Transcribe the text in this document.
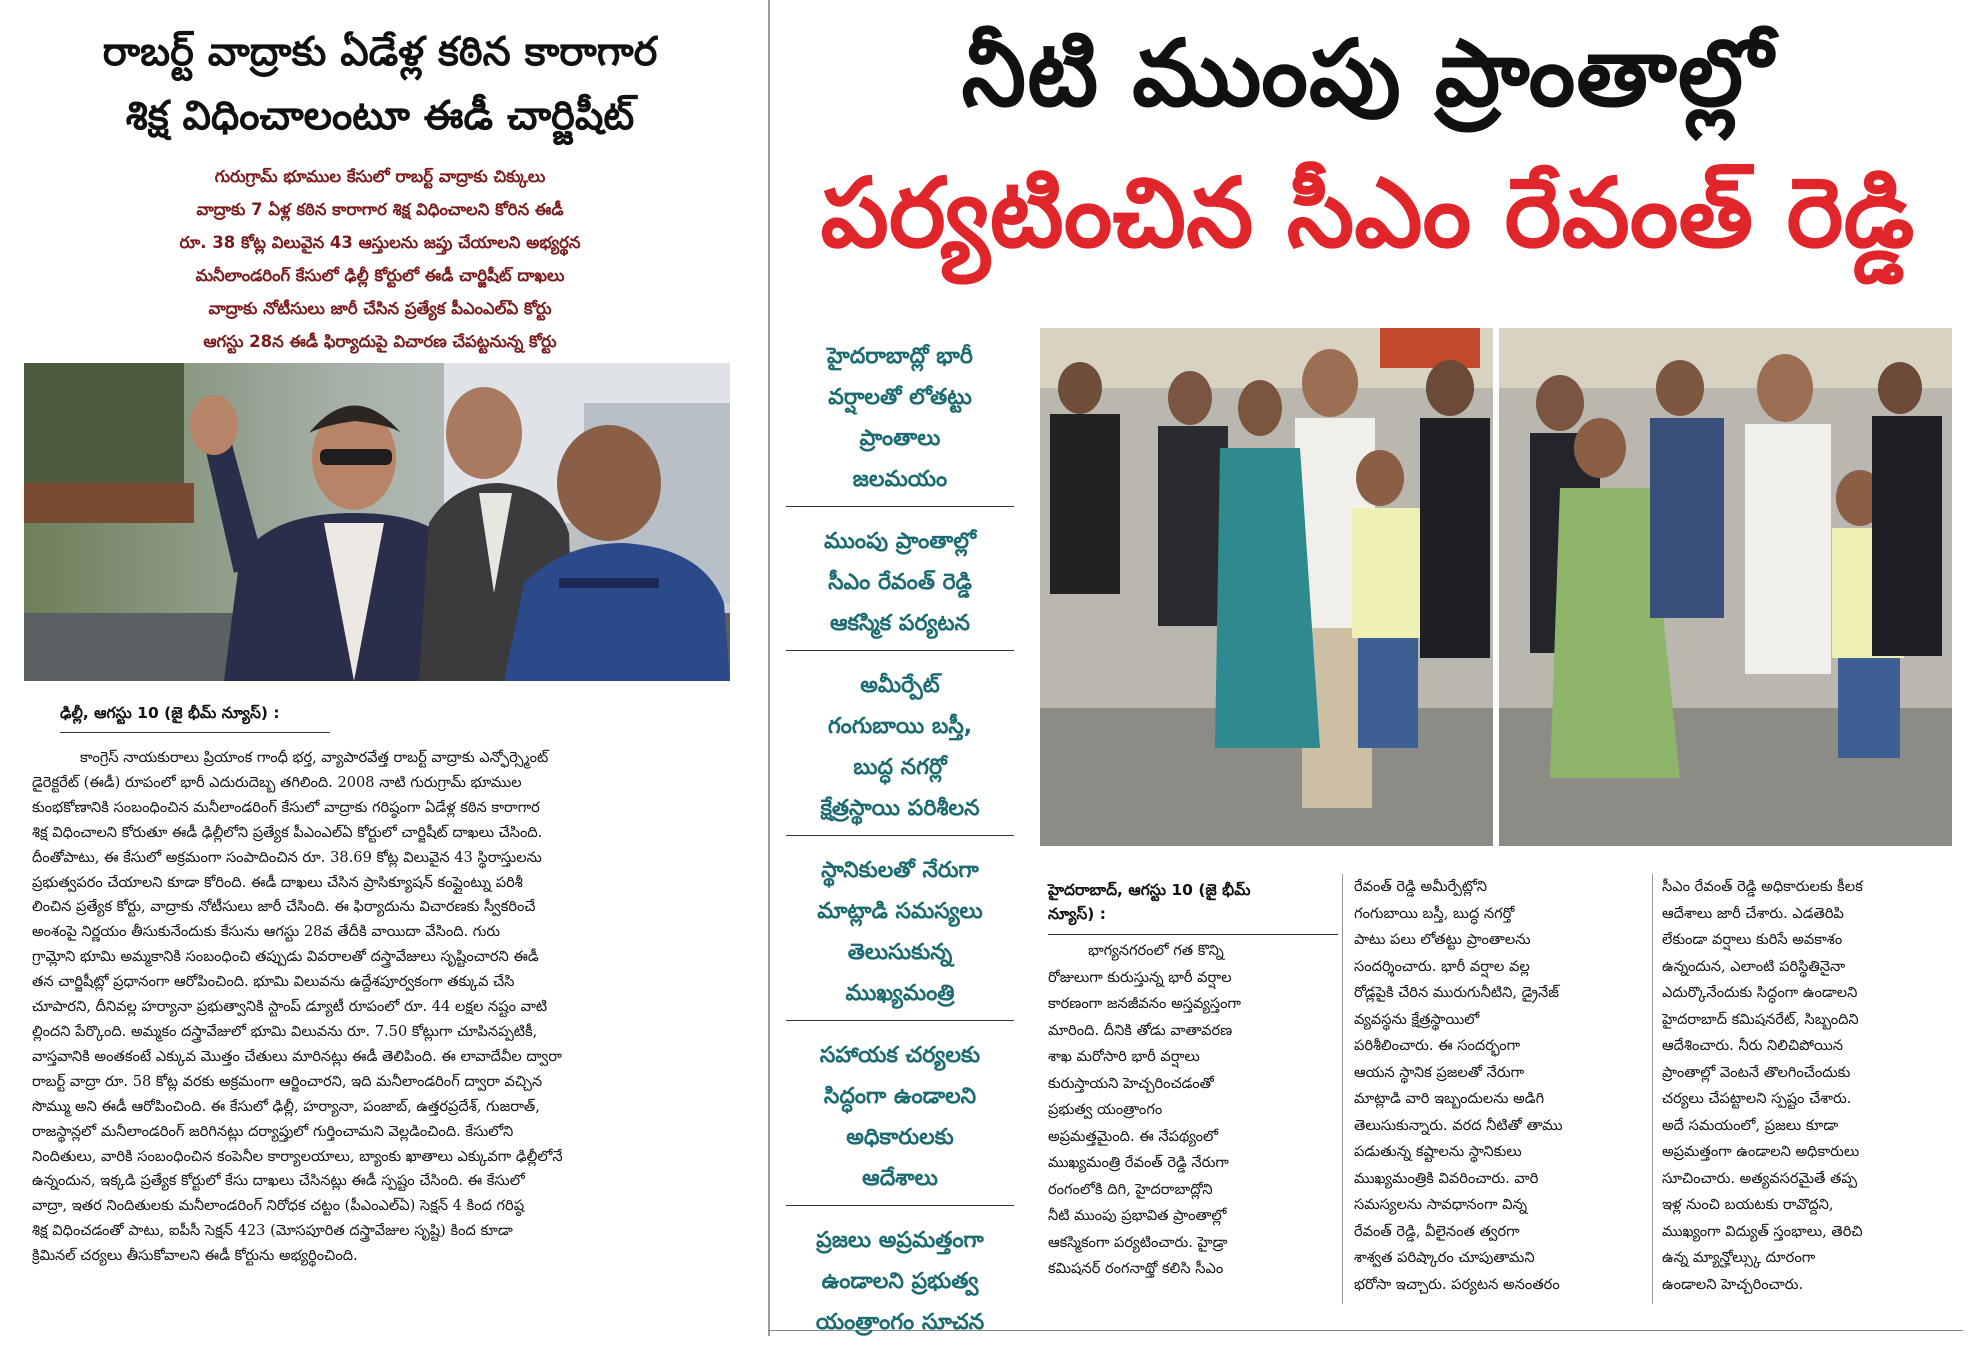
రాబర్ట్ వాద్రాకు ఏడేళ్ల కఠిన కారాగార
శిక్ష విధించాలంటూ ఈడీ చార్జిషీట్
గురుగ్రామ్ భూముల కేసులో రాబర్ట్ వాద్రాకు చిక్కులు
వాద్రాకు 7 ఏళ్ల కఠిన కారాగార శిక్ష విధించాలని కోరిన ఈడీ
రూ. 38 కోట్ల విలువైన 43 ఆస్తులను జప్తు చేయాలని అభ్యర్థన
మనీలాండరింగ్ కేసులో ఢిల్లీ కోర్టులో ఈడీ చార్జిషీట్ దాఖలు
వాద్రాకు నోటీసులు జారీ చేసిన ప్రత్యేక పీఎంఎల్ఏ కోర్టు
ఆగస్టు 28న ఈడీ ఫిర్యాదుపై విచారణ చేపట్టనున్న కోర్టు
ఢిల్లీ, ఆగస్టు 10 (జై భీమ్ న్యూస్) :
కాంగ్రెస్ నాయకురాలు ప్రియాంక గాంధీ భర్త, వ్యాపారవేత్త రాబర్ట్ వాద్రాకు ఎన్ఫోర్స్మెంట్
డైరెక్టరేట్ (ఈడీ) రూపంలో భారీ ఎదురుదెబ్బ తగిలింది. 2008 నాటి గురుగ్రామ్ భూముల
కుంభకోణానికి సంబంధించిన మనీలాండరింగ్ కేసులో వాద్రాకు గరిష్ఠంగా ఏడేళ్ల కఠిన కారాగార
శిక్ష విధించాలని కోరుతూ ఈడీ ఢిల్లీలోని ప్రత్యేక పీఎంఎల్ఏ కోర్టులో చార్జిషీట్ దాఖలు చేసింది.
దీంతోపాటు, ఈ కేసులో అక్రమంగా సంపాదించిన రూ. 38.69 కోట్ల విలువైన 43 స్థిరాస్తులను
ప్రభుత్వపరం చేయాలని కూడా కోరింది. ఈడీ దాఖలు చేసిన ప్రాసిక్యూషన్ కంప్లైంట్ను పరిశీ
లించిన ప్రత్యేక కోర్టు, వాద్రాకు నోటీసులు జారీ చేసింది. ఈ ఫిర్యాదును విచారణకు స్వీకరించే
అంశంపై నిర్ణయం తీసుకునేందుకు కేసును ఆగస్టు 28వ తేదీకి వాయిదా వేసింది. గురు
గ్రామ్లోని భూమి అమ్మకానికి సంబంధించి తప్పుడు వివరాలతో దస్త్రావేజులు సృష్టించారని ఈడీ
తన చార్జిషీట్లో ప్రధానంగా ఆరోపించింది. భూమి విలువను ఉద్దేశపూర్వకంగా తక్కువ చేసి
చూపారని, దీనివల్ల హర్యానా ప్రభుత్వానికి స్టాంప్ డ్యూటీ రూపంలో రూ. 44 లక్షల నష్టం వాటి
ల్లిందని పేర్కొంది. అమ్మకం దస్త్రావేజులో భూమి విలువను రూ. 7.50 కోట్లుగా చూపినప్పటికీ,
వాస్తవానికి అంతకంటే ఎక్కువ మొత్తం చేతులు మారినట్లు ఈడీ తెలిపింది. ఈ లావాదేవీల ద్వారా
రాబర్ట్ వాద్రా రూ. 58 కోట్ల వరకు అక్రమంగా ఆర్జించారని, ఇది మనీలాండరింగ్ ద్వారా వచ్చిన
సొమ్ము అని ఈడీ ఆరోపించింది. ఈ కేసులో ఢిల్లీ, హర్యానా, పంజాబ్, ఉత్తరప్రదేశ్, గుజరాత్,
రాజస్థాన్లలో మనీలాండరింగ్ జరిగినట్లు దర్యాప్తులో గుర్తించామని వెల్లడించింది. కేసులోని
నిందితులు, వారికి సంబంధించిన కంపెనీల కార్యాలయాలు, బ్యాంకు ఖాతాలు ఎక్కువగా ఢిల్లీలోనే
ఉన్నందున, ఇక్కడి ప్రత్యేక కోర్టులో కేసు దాఖలు చేసినట్లు ఈడీ స్పష్టం చేసింది. ఈ కేసులో
వాద్రా, ఇతర నిందితులకు మనీలాండరింగ్ నిరోధక చట్టం (పీఎంఎల్ఏ) సెక్షన్ 4 కింద గరిష్ఠ
శిక్ష విధించడంతో పాటు, ఐపీసీ సెక్షన్ 423 (మోసపూరిత దస్త్రావేజుల సృష్టి) కింద కూడా
క్రిమినల్ చర్యలు తీసుకోవాలని ఈడీ కోర్టును అభ్యర్థించింది.
నీటి ముంపు ప్రాంతాల్లో
పర్యటించిన సీఎం రేవంత్ రెడ్డి
హైదరాబాద్లో భారీ
వర్షాలతో లోతట్టు
ప్రాంతాలు
జలమయం
ముంపు ప్రాంతాల్లో
సీఎం రేవంత్ రెడ్డి
ఆకస్మిక పర్యటన
అమీర్పేట్
గంగుబాయి బస్తీ,
బుద్ధ నగర్లో
క్షేత్రస్థాయి పరిశీలన
స్థానికులతో నేరుగా
మాట్లాడి సమస్యలు
తెలుసుకున్న
ముఖ్యమంత్రి
సహాయక చర్యలకు
సిద్ధంగా ఉండాలని
అధికారులకు
ఆదేశాలు
ప్రజలు అప్రమత్తంగా
ఉండాలని ప్రభుత్వ
యంత్రాంగం సూచన
హైదరాబాద్, ఆగస్టు 10 (జై భీమ్
న్యూస్) :
భాగ్యనగరంలో గత కొన్ని
రోజులుగా కురుస్తున్న భారీ వర్షాల
కారణంగా జనజీవనం అస్తవ్యస్తంగా
మారింది. దీనికి తోడు వాతావరణ
శాఖ మరోసారి భారీ వర్షాలు
కురుస్తాయని హెచ్చరించడంతో
ప్రభుత్వ యంత్రాంగం
అప్రమత్తమైంది. ఈ నేపథ్యంలో
ముఖ్యమంత్రి రేవంత్ రెడ్డి నేరుగా
రంగంలోకి దిగి, హైదరాబాద్లోని
నీటి ముంపు ప్రభావిత ప్రాంతాల్లో
ఆకస్మికంగా పర్యటించారు. హైడ్రా
కమిషనర్ రంగనాథ్తో కలిసి సీఎం
రేవంత్ రెడ్డి అమీర్పేట్లోని
గంగుబాయి బస్తీ, బుద్ధ నగర్తో
పాటు పలు లోతట్టు ప్రాంతాలను
సందర్శించారు. భారీ వర్షాల వల్ల
రోడ్లపైకి చేరిన మురుగునీటిని, డ్రైనేజ్
వ్యవస్థను క్షేత్రస్థాయిలో
పరిశీలించారు. ఈ సందర్భంగా
ఆయన స్థానిక ప్రజలతో నేరుగా
మాట్లాడి వారి ఇబ్బందులను అడిగి
తెలుసుకున్నారు. వరద నీటితో తాము
పడుతున్న కష్టాలను స్థానికులు
ముఖ్యమంత్రికి వివరించారు. వారి
సమస్యలను సావధానంగా విన్న
రేవంత్ రెడ్డి, వీలైనంత త్వరగా
శాశ్వత పరిష్కారం చూపుతామని
భరోసా ఇచ్చారు. పర్యటన అనంతరం
సీఎం రేవంత్ రెడ్డి అధికారులకు కీలక
ఆదేశాలు జారీ చేశారు. ఎడతెరిపి
లేకుండా వర్షాలు కురిసే అవకాశం
ఉన్నందున, ఎలాంటి పరిస్థితినైనా
ఎదుర్కొనేందుకు సిద్ధంగా ఉండాలని
హైదరాబాద్ కమిషనరేట్, సిబ్బందిని
ఆదేశించారు. నీరు నిలిచిపోయిన
ప్రాంతాల్లో వెంటనే తొలగించేందుకు
చర్యలు చేపట్టాలని స్పష్టం చేశారు.
అదే సమయంలో, ప్రజలు కూడా
అప్రమత్తంగా ఉండాలని అధికారులు
సూచించారు. అత్యవసరమైతే తప్ప
ఇళ్ల నుంచి బయటకు రావొద్దని,
ముఖ్యంగా విద్యుత్ స్తంభాలు, తెరిచి
ఉన్న మ్యాన్హోల్స్కు దూరంగా
ఉండాలని హెచ్చరించారు.
